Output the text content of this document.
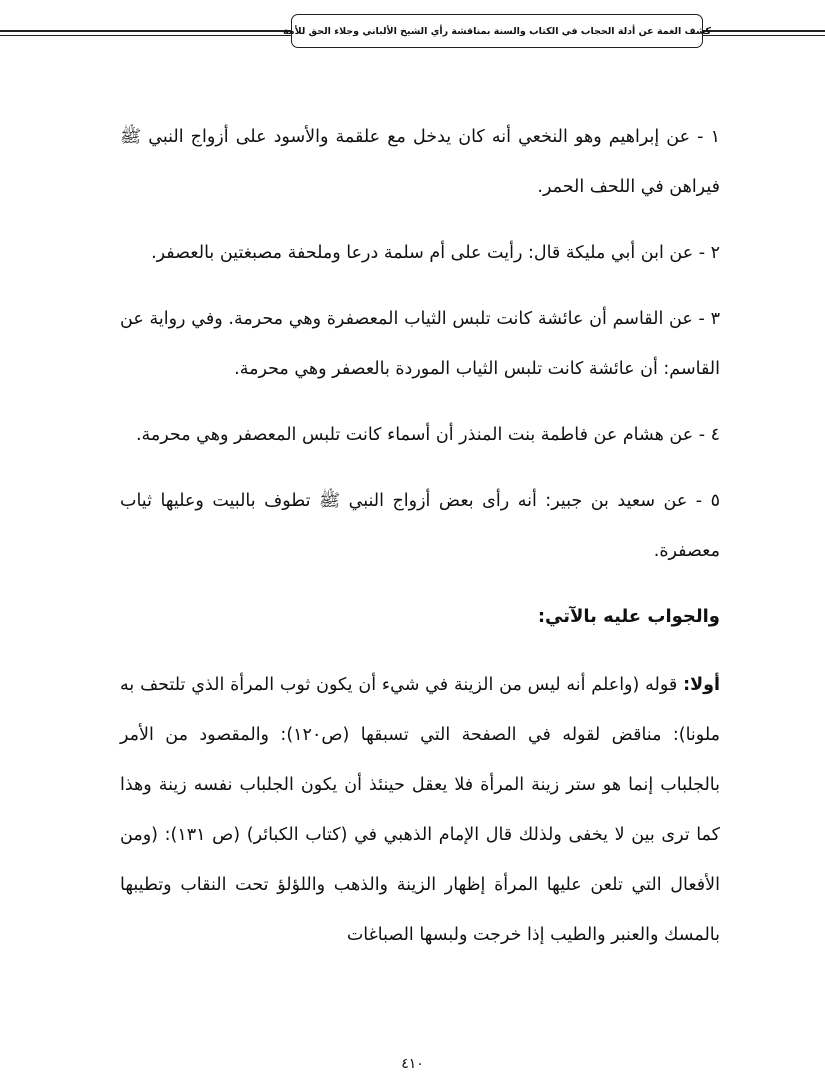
كشف الغمة عن أدلة الحجاب في الكتاب والسنة بمناقشة رأي الشيخ الألباني وجلاء الحق للأمة

١ - عن إبراهيم وهو النخعي أنه كان يدخل مع علقمة والأسود على أزواج النبي ﷺ فيراهن في اللحف الحمر.

٢ - عن ابن أبي مليكة قال: رأيت على أم سلمة درعا وملحفة مصبغتين بالعصفر.

٣ - عن القاسم أن عائشة كانت تلبس الثياب المعصفرة وهي محرمة. وفي رواية عن القاسم: أن عائشة كانت تلبس الثياب الموردة بالعصفر وهي محرمة.

٤ - عن هشام عن فاطمة بنت المنذر أن أسماء كانت تلبس المعصفر وهي محرمة.

٥ - عن سعيد بن جبير: أنه رأى بعض أزواج النبي ﷺ تطوف بالبيت وعليها ثياب معصفرة.

والجواب عليه بالآتي:

أولا: قوله (واعلم أنه ليس من الزينة في شيء أن يكون ثوب المرأة الذي تلتحف به ملونا): مناقض لقوله في الصفحة التي تسبقها (ص١٢٠): والمقصود من الأمر بالجلباب إنما هو ستر زينة المرأة فلا يعقل حينئذ أن يكون الجلباب نفسه زينة وهذا كما ترى بين لا يخفى ولذلك قال الإمام الذهبي في (كتاب الكبائر) (ص ١٣١): (ومن الأفعال التي تلعن عليها المرأة إظهار الزينة والذهب واللؤلؤ تحت النقاب وتطيبها بالمسك والعنبر والطيب إذا خرجت ولبسها الصباغات

٤١٠
